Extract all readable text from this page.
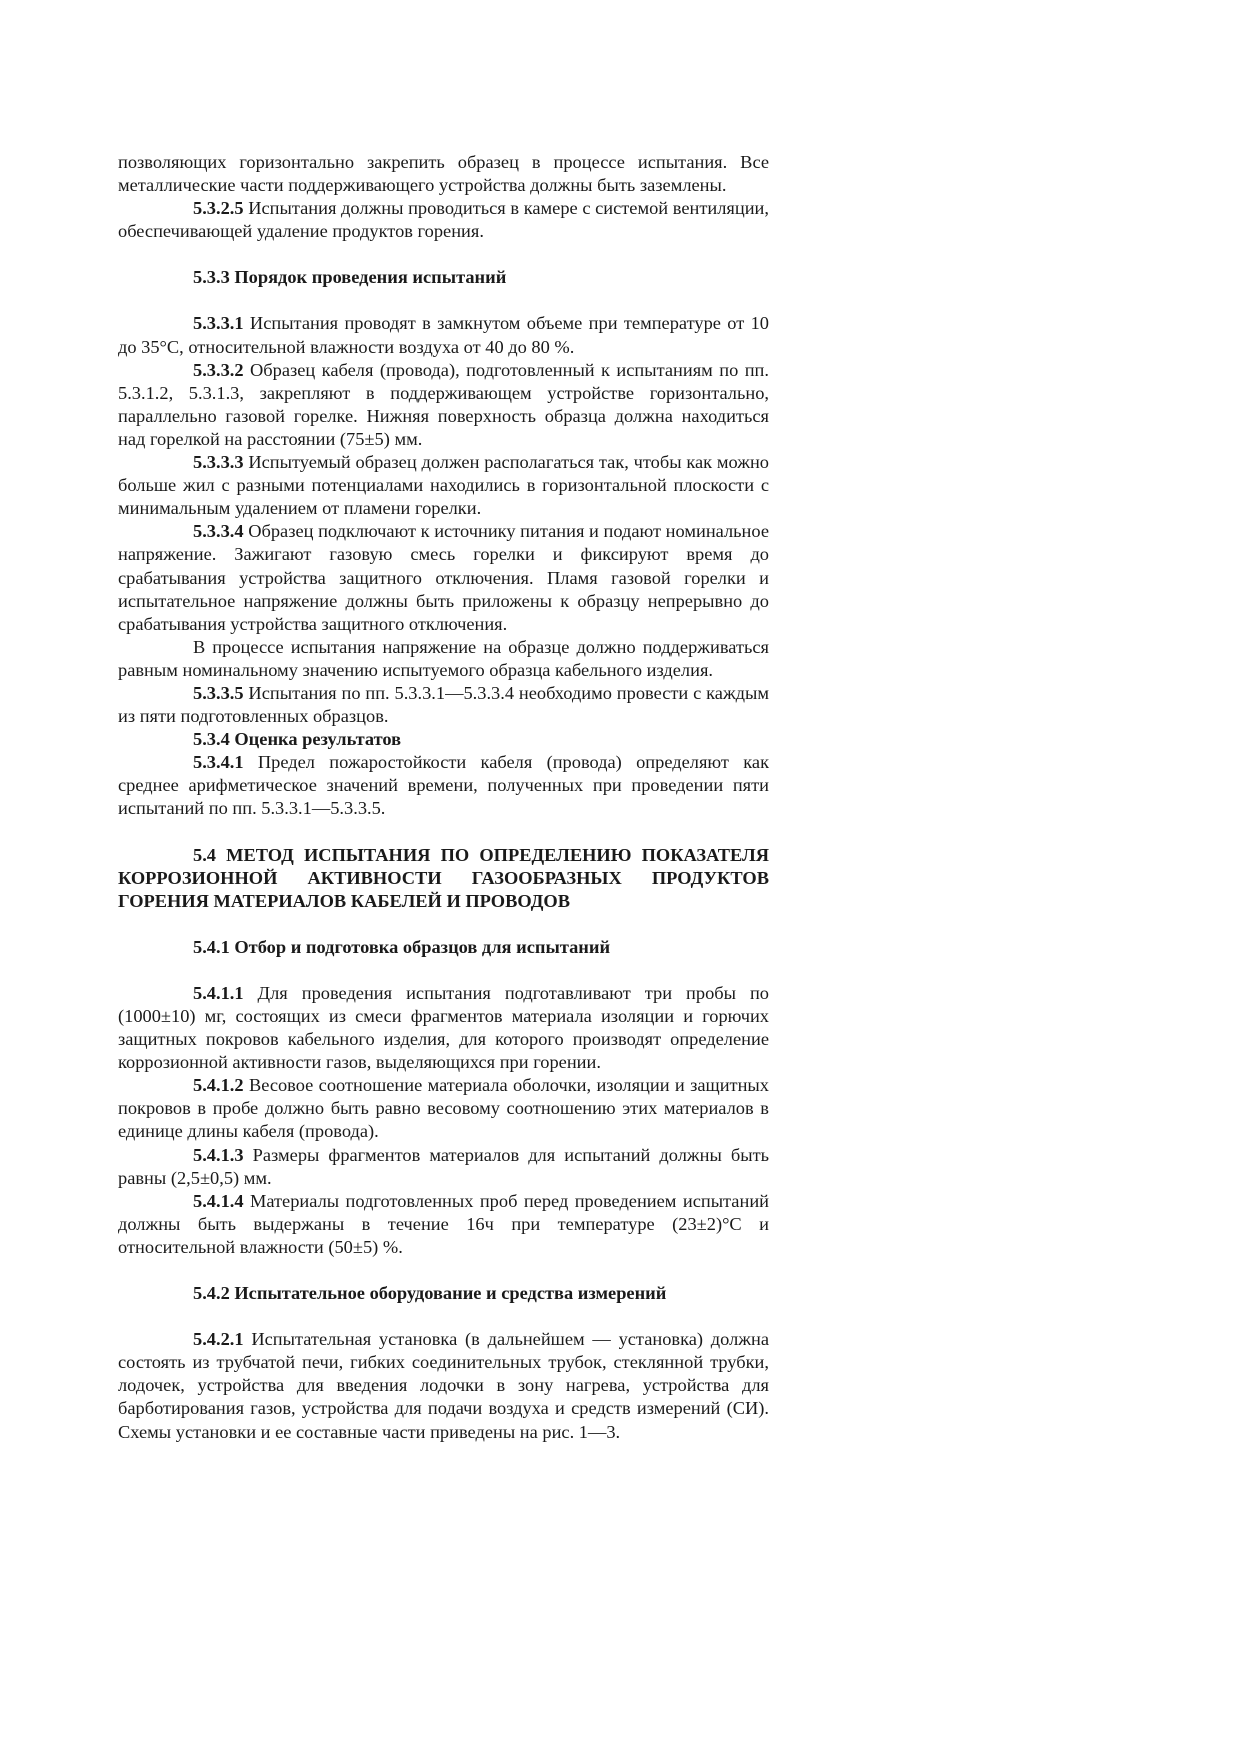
позволяющих горизонтально закрепить образец в процессе испытания. Все металлические части поддерживающего устройства должны быть заземлены.

5.3.2.5 Испытания должны проводиться в камере с системой вентиляции, обеспечивающей удаление продуктов горения.

5.3.3 Порядок проведения испытаний

5.3.3.1 Испытания проводят в замкнутом объеме при температуре от 10 до 35°С, относительной влажности воздуха от 40 до 80 %.

5.3.3.2 Образец кабеля (провода), подготовленный к испытаниям по пп. 5.3.1.2, 5.3.1.3, закрепляют в поддерживающем устройстве горизонтально, параллельно газовой горелке. Нижняя поверхность образца должна находиться над горелкой на расстоянии (75±5) мм.

5.3.3.3 Испытуемый образец должен располагаться так, чтобы как можно больше жил с разными потенциалами находились в горизонтальной плоскости с минимальным удалением от пламени горелки.

5.3.3.4 Образец подключают к источнику питания и подают номинальное напряжение. Зажигают газовую смесь горелки и фиксируют время до срабатывания устройства защитного отключения. Пламя газовой горелки и испытательное напряжение должны быть приложены к образцу непрерывно до срабатывания устройства защитного отключения.

В процессе испытания напряжение на образце должно поддерживаться равным номинальному значению испытуемого образца кабельного изделия.

5.3.3.5 Испытания по пп. 5.3.3.1—5.3.3.4 необходимо провести с каждым из пяти подготовленных образцов.

5.3.4 Оценка результатов

5.3.4.1 Предел пожаростойкости кабеля (провода) определяют как среднее арифметическое значений времени, полученных при проведении пяти испытаний по пп. 5.3.3.1—5.3.3.5.

5.4 МЕТОД ИСПЫТАНИЯ ПО ОПРЕДЕЛЕНИЮ ПОКАЗАТЕЛЯ КОРРОЗИОННОЙ АКТИВНОСТИ ГАЗООБРАЗНЫХ ПРОДУКТОВ ГОРЕНИЯ МАТЕРИАЛОВ КАБЕЛЕЙ И ПРОВОДОВ

5.4.1 Отбор и подготовка образцов для испытаний

5.4.1.1 Для проведения испытания подготавливают три пробы по (1000±10) мг, состоящих из смеси фрагментов материала изоляции и горючих защитных покровов кабельного изделия, для которого производят определение коррозионной активности газов, выделяющихся при горении.

5.4.1.2 Весовое соотношение материала оболочки, изоляции и защитных покровов в пробе должно быть равно весовому соотношению этих материалов в единице длины кабеля (провода).

5.4.1.3 Размеры фрагментов материалов для испытаний должны быть равны (2,5±0,5) мм.

5.4.1.4 Материалы подготовленных проб перед проведением испытаний должны быть выдержаны в течение 16ч при температуре (23±2)°С и относительной влажности (50±5) %.

5.4.2 Испытательное оборудование и средства измерений

5.4.2.1 Испытательная установка (в дальнейшем — установка) должна состоять из трубчатой печи, гибких соединительных трубок, стеклянной трубки, лодочек, устройства для введения лодочки в зону нагрева, устройства для барботирования газов, устройства для подачи воздуха и средств измерений (СИ). Схемы установки и ее составные части приведены на рис. 1—3.
